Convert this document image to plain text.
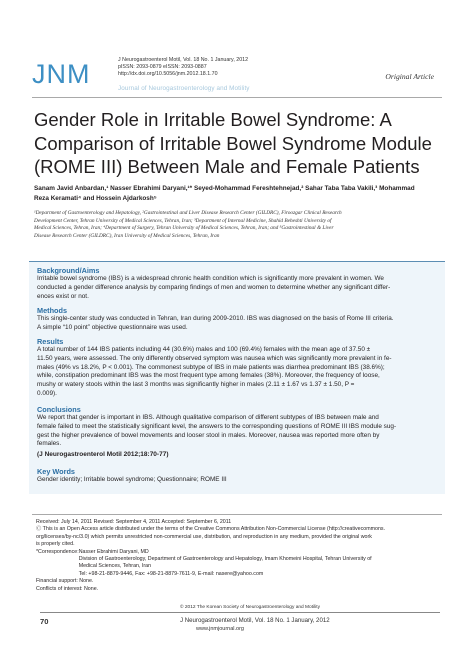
JNM	J Neurogastroenterol Motil, Vol. 18 No. 1 January, 2012
pISSN: 2093-0879 eISSN: 2093-0887
http://dx.doi.org/10.5056/jnm.2012.18.1.70
Journal of Neurogastroenterology and Motility
Original Article
Gender Role in Irritable Bowel Syndrome: A
Comparison of Irritable Bowel Syndrome Module
(ROME III) Between Male and Female Patients
Sanam Javid Anbardan,¹ Nasser Ebrahimi Daryani,¹* Seyed-Mohammad Fereshtehnejad,² Sahar Taba Taba Vakili,³ Mohammad
Reza Keramati⁴ and Hossein Ajdarkosh⁵
¹Department of Gastroenterology and Hepatology, ²Gastrointestinal and Liver Disease Research Center (GILDRC), Firoozgar Clinical Research
Development Center, Tehran University of Medical Sciences, Tehran, Iran; ³Department of Internal Medicine, Shahid Beheshti University of
Medical Sciences, Tehran, Iran; ⁴Department of Surgery, Tehran University of Medical Sciences, Tehran, Iran; and ⁵Gastrointestinal & Liver
Disease Research Center (GILDRC), Iran University of Medical Sciences, Tehran, Iran
Background/Aims
Irritable bowel syndrome (IBS) is a widespread chronic health condition which is significantly more prevalent in women. We
conducted a gender difference analysis by comparing findings of men and women to determine whether any significant differ-
ences exist or not.
Methods
This single-center study was conducted in Tehran, Iran during 2009-2010. IBS was diagnosed on the basis of Rome III criteria.
A simple “10 point” objective questionnaire was used.
Results
A total number of 144 IBS patients including 44 (30.6%) males and 100 (69.4%) females with the mean age of 37.50 ±
11.50 years, were assessed. The only differently observed symptom was nausea which was significantly more prevalent in fe-
males (49% vs 18.2%, P < 0.001). The commonest subtype of IBS in male patients was diarrhea predominant IBS (38.6%);
while, constipation predominant IBS was the most frequent type among females (38%). Moreover, the frequency of loose,
mushy or watery stools within the last 3 months was significantly higher in males (2.11 ± 1.67 vs 1.37 ± 1.50, P =
0.009).
Conclusions
We report that gender is important in IBS. Although qualitative comparison of different subtypes of IBS between male and
female failed to meet the statistically significant level, the answers to the corresponding questions of ROME III IBS module sug-
gest the higher prevalence of bowel movements and looser stool in males. Moreover, nausea was reported more often by
females.
(J Neurogastroenterol Motil 2012;18:70-77)
Key Words
Gender identity; Irritable bowel syndrome; Questionnaire; ROME III
Received: July 14, 2011 Revised: September 4, 2011 Accepted: September 6, 2011
Ⓒ This is an Open Access article distributed under the terms of the Creative Commons Attribution Non-Commercial License (http://creativecommons.
org/licenses/by-nc/3.0) which permits unrestricted non-commercial use, distribution, and reproduction in any medium, provided the original work
is properly cited.
*Correspondence: Nasser Ebrahimi Daryani, MD
Division of Gastroenterology, Department of Gastroenterology and Hepatology, Imam Khomeini Hospital, Tehran University of
Medical Sciences, Tehran, Iran
Tel: +98-21-8879-9446, Fax: +98-21-8879-7611-9, E-mail: nasere@yahoo.com
Financial support: None.
Conflicts of interest: None.
© 2012 The Korean Society of Neurogastroenterology and Motility
70	J Neurogastroenterol Motil, Vol. 18 No. 1 January, 2012
www.jnmjournal.org
